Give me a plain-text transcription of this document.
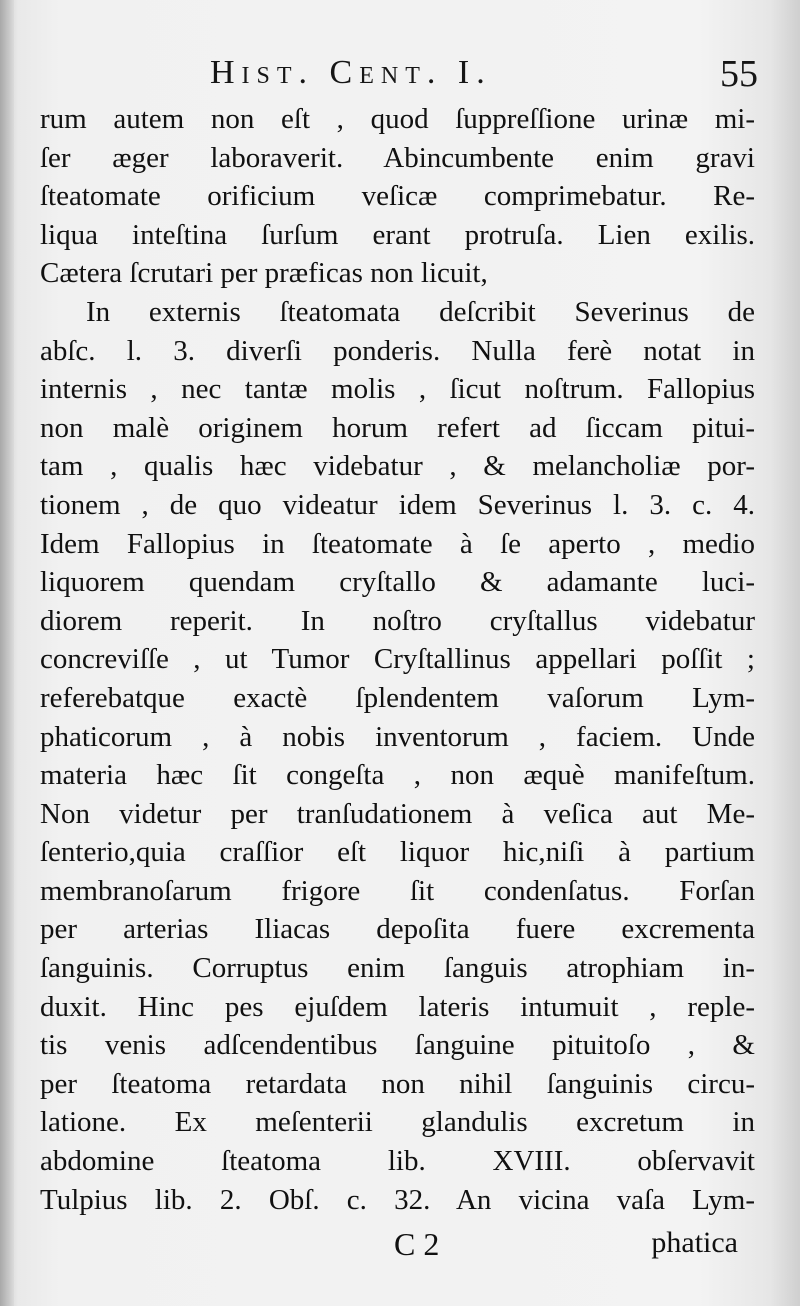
Hist. Cent. I.	55
rum autem non eſt , quod ſuppreſſione urinæ mi-
ſer æger laboraverit. Abincumbente enim gravi
ſteatomate orificium veſicæ comprimebatur. Re-
liqua inteſtina ſurſum erant protruſa. Lien exilis.
Cætera ſcrutari per præficas non licuit,
In externis ſteatomata deſcribit Severinus de
abſc. l. 3. diverſi ponderis. Nulla ferè notat in
internis , nec tantæ molis , ſicut noſtrum. Fallopius
non malè originem horum refert ad ſiccam pitui-
tam , qualis hæc videbatur , & melancholiæ por-
tionem , de quo videatur idem Severinus l. 3. c. 4.
Idem Fallopius in ſteatomate à ſe aperto , medio
liquorem quendam cryſtallo & adamante luci-
diorem reperit. In noſtro cryſtallus videbatur
concreviſſe , ut Tumor Cryſtallinus appellari poſſit ;
referebatque exactè ſplendentem vaſorum Lym-
phaticorum , à nobis inventorum , faciem. Unde
materia hæc ſit congeſta , non æquè manifeſtum.
Non videtur per tranſudationem à veſica aut Me-
ſenterio,quia craſſior eſt liquor hic,niſi à partium
membranoſarum frigore ſit condenſatus. Forſan
per arterias Iliacas depoſita fuere excrementa
ſanguinis. Corruptus enim ſanguis atrophiam in-
duxit. Hinc pes ejuſdem lateris intumuit , reple-
tis venis adſcendentibus ſanguine pituitoſo , &
per ſteatoma retardata non nihil ſanguinis circu-
latione. Ex meſenterii glandulis excretum in
abdomine ſteatoma lib. XVIII. obſervavit
Tulpius lib. 2. Obſ. c. 32. An vicina vaſa Lym-
C 2	phatica
